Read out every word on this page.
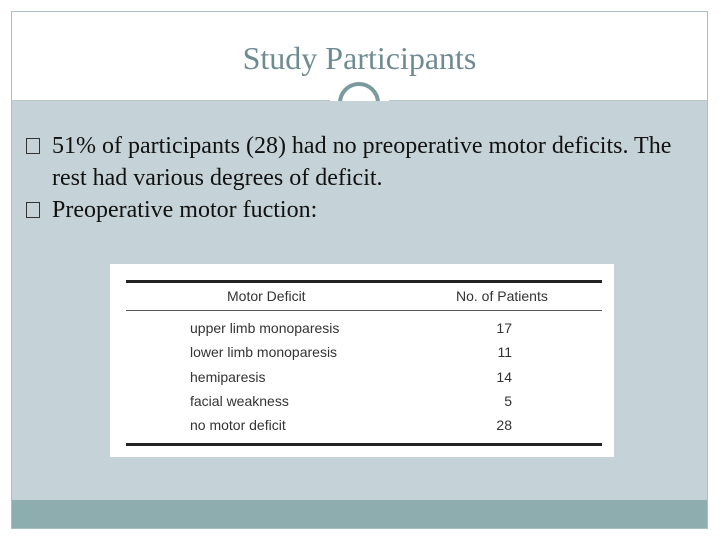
Study Participants
51% of participants (28) had no preoperative motor deficits. The rest had various degrees of deficit.
Preoperative motor fuction:
Motor Deficit	No. of Patients
upper limb monoparesis	17
lower limb monoparesis	11
hemiparesis	14
facial weakness	5
no motor deficit	28
